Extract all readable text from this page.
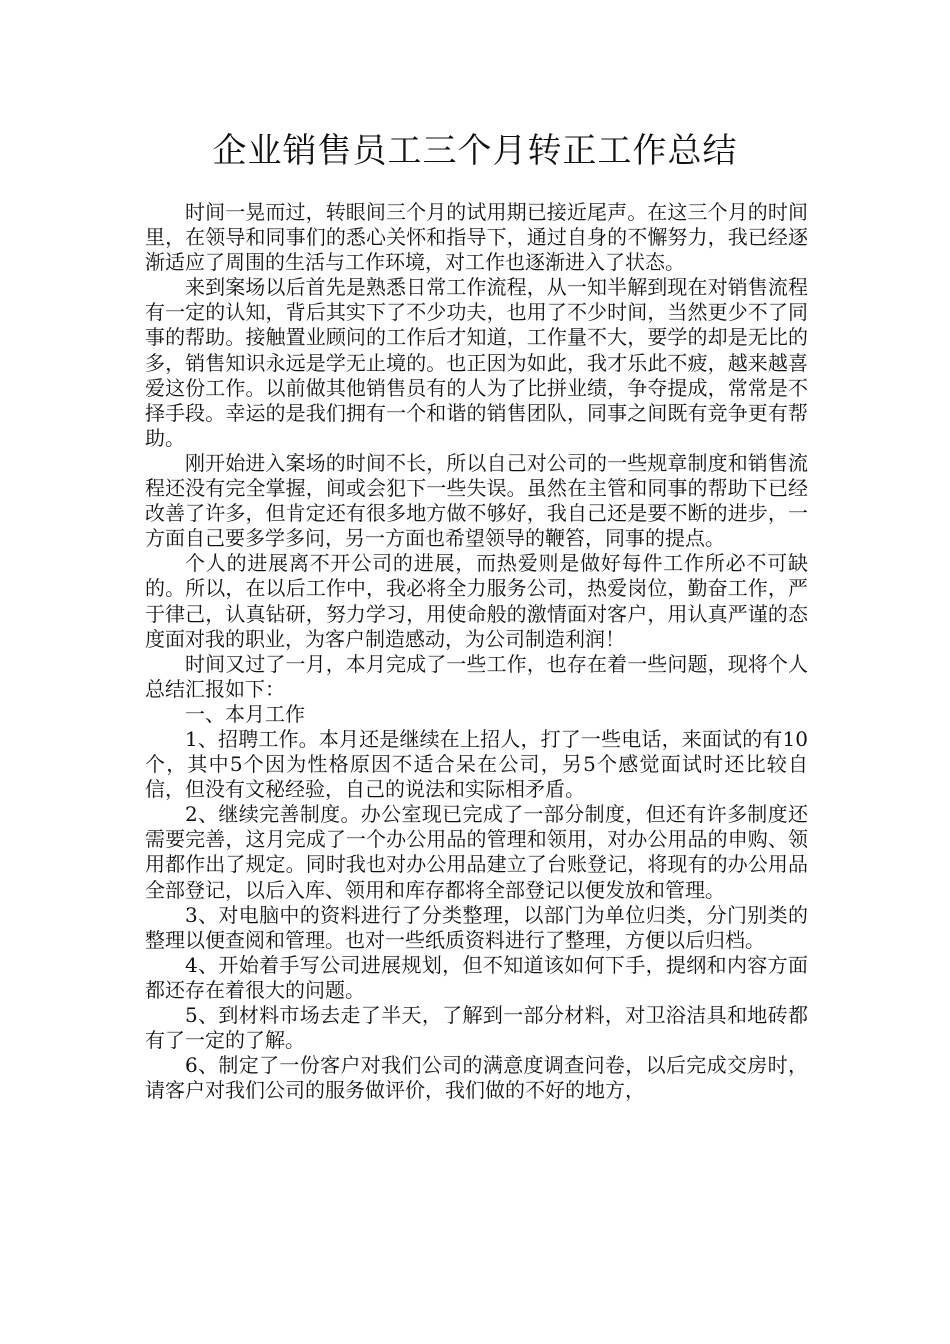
企业销售员工三个月转正工作总结

时间一晃而过，转眼间三个月的试用期已接近尾声。在这三个月的时间里，在领导和同事们的悉心关怀和指导下，通过自身的不懈努力，我已经逐渐适应了周围的生活与工作环境，对工作也逐渐进入了状态。

来到案场以后首先是熟悉日常工作流程，从一知半解到现在对销售流程有一定的认知，背后其实下了不少功夫，也用了不少时间，当然更少不了同事的帮助。接触置业顾问的工作后才知道，工作量不大，要学的却是无比的多，销售知识永远是学无止境的。也正因为如此，我才乐此不疲，越来越喜爱这份工作。以前做其他销售员有的人为了比拼业绩，争夺提成，常常是不择手段。幸运的是我们拥有一个和谐的销售团队，同事之间既有竞争更有帮助。

刚开始进入案场的时间不长，所以自己对公司的一些规章制度和销售流程还没有完全掌握，间或会犯下一些失误。虽然在主管和同事的帮助下已经改善了许多，但肯定还有很多地方做不够好，我自己还是要不断的进步，一方面自己要多学多问，另一方面也希望领导的鞭笞，同事的提点。

个人的进展离不开公司的进展，而热爱则是做好每件工作所必不可缺的。所以，在以后工作中，我必将全力服务公司，热爱岗位，勤奋工作，严于律己，认真钻研，努力学习，用使命般的激情面对客户，用认真严谨的态度面对我的职业，为客户制造感动，为公司制造利润！

时间又过了一月，本月完成了一些工作，也存在着一些问题，现将个人总结汇报如下：

一、本月工作

1、招聘工作。本月还是继续在上招人，打了一些电话，来面试的有10个，其中5个因为性格原因不适合呆在公司，另5个感觉面试时还比较自信，但没有文秘经验，自己的说法和实际相矛盾。

2、继续完善制度。办公室现已完成了一部分制度，但还有许多制度还需要完善，这月完成了一个办公用品的管理和领用，对办公用品的申购、领用都作出了规定。同时我也对办公用品建立了台账登记，将现有的办公用品全部登记，以后入库、领用和库存都将全部登记以便发放和管理。

3、对电脑中的资料进行了分类整理，以部门为单位归类，分门别类的整理以便查阅和管理。也对一些纸质资料进行了整理，方便以后归档。

4、开始着手写公司进展规划，但不知道该如何下手，提纲和内容方面都还存在着很大的问题。

5、到材料市场去走了半天，了解到一部分材料，对卫浴洁具和地砖都有了一定的了解。

6、制定了一份客户对我们公司的满意度调查问卷，以后完成交房时，请客户对我们公司的服务做评价，我们做的不好的地方，
